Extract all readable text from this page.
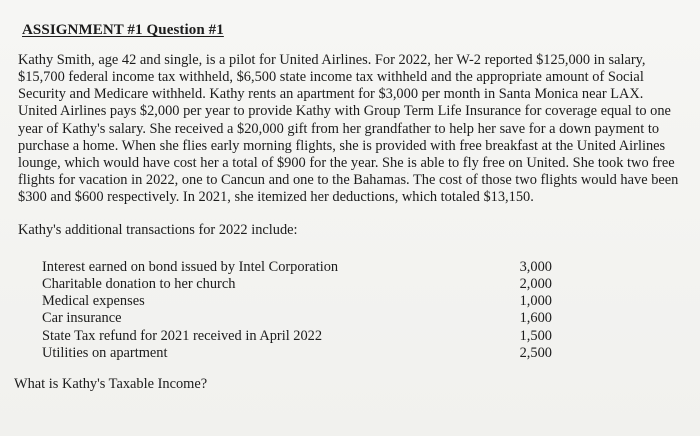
ASSIGNMENT #1 Question #1

Kathy Smith, age 42 and single, is a pilot for United Airlines. For 2022, her W-2 reported $125,000 in salary, $15,700 federal income tax withheld, $6,500 state income tax withheld and the appropriate amount of Social Security and Medicare withheld. Kathy rents an apartment for $3,000 per month in Santa Monica near LAX. United Airlines pays $2,000 per year to provide Kathy with Group Term Life Insurance for coverage equal to one year of Kathy's salary. She received a $20,000 gift from her grandfather to help her save for a down payment to purchase a home. When she flies early morning flights, she is provided with free breakfast at the United Airlines lounge, which would have cost her a total of $900 for the year. She is able to fly free on United. She took two free flights for vacation in 2022, one to Cancun and one to the Bahamas. The cost of those two flights would have been $300 and $600 respectively. In 2021, she itemized her deductions, which totaled $13,150.

Kathy's additional transactions for 2022 include:

Interest earned on bond issued by Intel Corporation	3,000
Charitable donation to her church	2,000
Medical expenses	1,000
Car insurance	1,600
State Tax refund for 2021 received in April 2022	1,500
Utilities on apartment	2,500

What is Kathy's Taxable Income?
